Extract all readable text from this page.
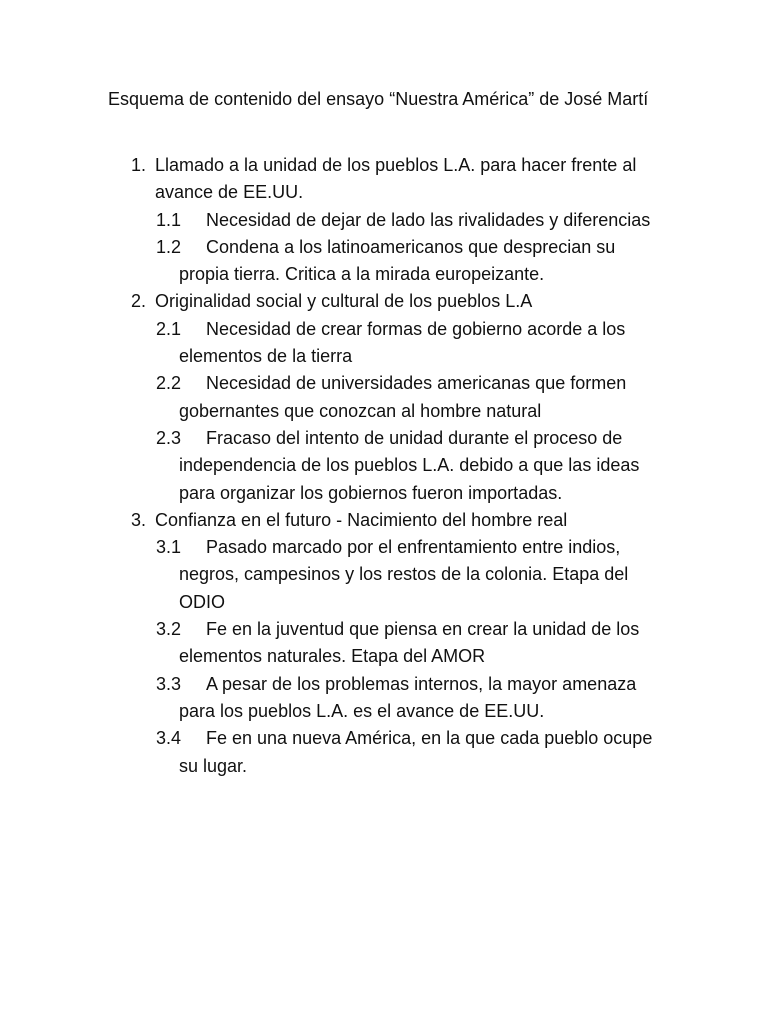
Esquema de contenido del ensayo “Nuestra América” de José Martí
1. Llamado a la unidad de los pueblos L.A. para hacer frente al avance de EE.UU.
1.1	Necesidad de dejar de lado las rivalidades y diferencias
1.2	Condena a los latinoamericanos que desprecian su propia tierra. Critica a la mirada europeizante.
2. Originalidad social y cultural de los pueblos L.A
2.1	Necesidad de crear formas de gobierno acorde a los elementos de la tierra
2.2	Necesidad de universidades americanas que formen gobernantes que conozcan al hombre natural
2.3	Fracaso del intento de unidad durante el proceso de independencia de los pueblos L.A. debido a que las ideas para organizar los gobiernos fueron importadas.
3. Confianza en el futuro - Nacimiento del hombre real
3.1	Pasado marcado por el enfrentamiento entre indios, negros, campesinos y los restos de la colonia. Etapa del ODIO
3.2	Fe en la juventud que piensa en crear la unidad de los elementos naturales. Etapa del AMOR
3.3	A pesar de los problemas internos, la mayor amenaza para los pueblos L.A. es el avance de EE.UU.
3.4	Fe en una nueva América, en la que cada pueblo ocupe su lugar.
